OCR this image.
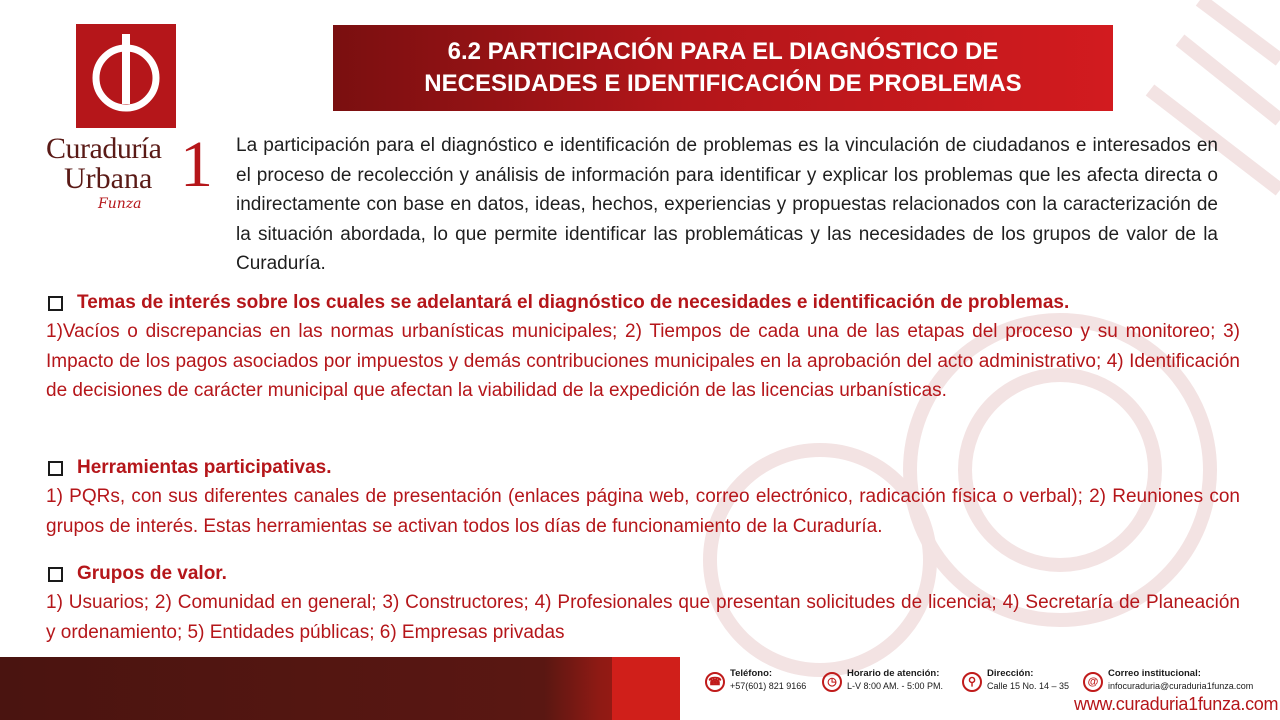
Curaduría
Urbana 1
Funza
6.2 PARTICIPACIÓN PARA EL DIAGNÓSTICO DE
NECESIDADES E IDENTIFICACIÓN DE PROBLEMAS

La participación para el diagnóstico e identificación de problemas es la vinculación de ciudadanos e interesados en el proceso de recolección y análisis de información para identificar y explicar los problemas que les afecta directa o indirectamente con base en datos, ideas, hechos, experiencias y propuestas relacionados con la caracterización de la situación abordada, lo que permite identificar las problemáticas y las necesidades de los grupos de valor de la Curaduría.

Temas de interés sobre los cuales se adelantará el diagnóstico de necesidades e identificación de problemas.

1)Vacíos o discrepancias en las normas urbanísticas municipales; 2) Tiempos de cada una de las etapas del proceso y su monitoreo; 3) Impacto de los pagos asociados por impuestos y demás contribuciones municipales en la aprobación del acto administrativo; 4) Identificación de decisiones de carácter municipal que afectan la viabilidad de la expedición de las licencias urbanísticas.

Herramientas participativas.

1) PQRs, con sus diferentes canales de presentación (enlaces página web, correo electrónico, radicación física o verbal); 2) Reuniones con grupos de interés. Estas herramientas se activan todos los días de funcionamiento de la Curaduría.

Grupos de valor.

1) Usuarios; 2) Comunidad en general; 3) Constructores; 4) Profesionales que presentan solicitudes de licencia; 4) Secretaría de Planeación y ordenamiento; 5) Entidades públicas; 6) Empresas privadas

☎
Teléfono:
+57(601) 821 9166	◷
Horario de atención:
L-V 8:00 AM. - 5:00 PM.	⚲
Dirección:
Calle 15 No. 14 – 35	@
Correo institucional:
infocuraduria@curaduria1funza.com
www.curaduria1funza.com
